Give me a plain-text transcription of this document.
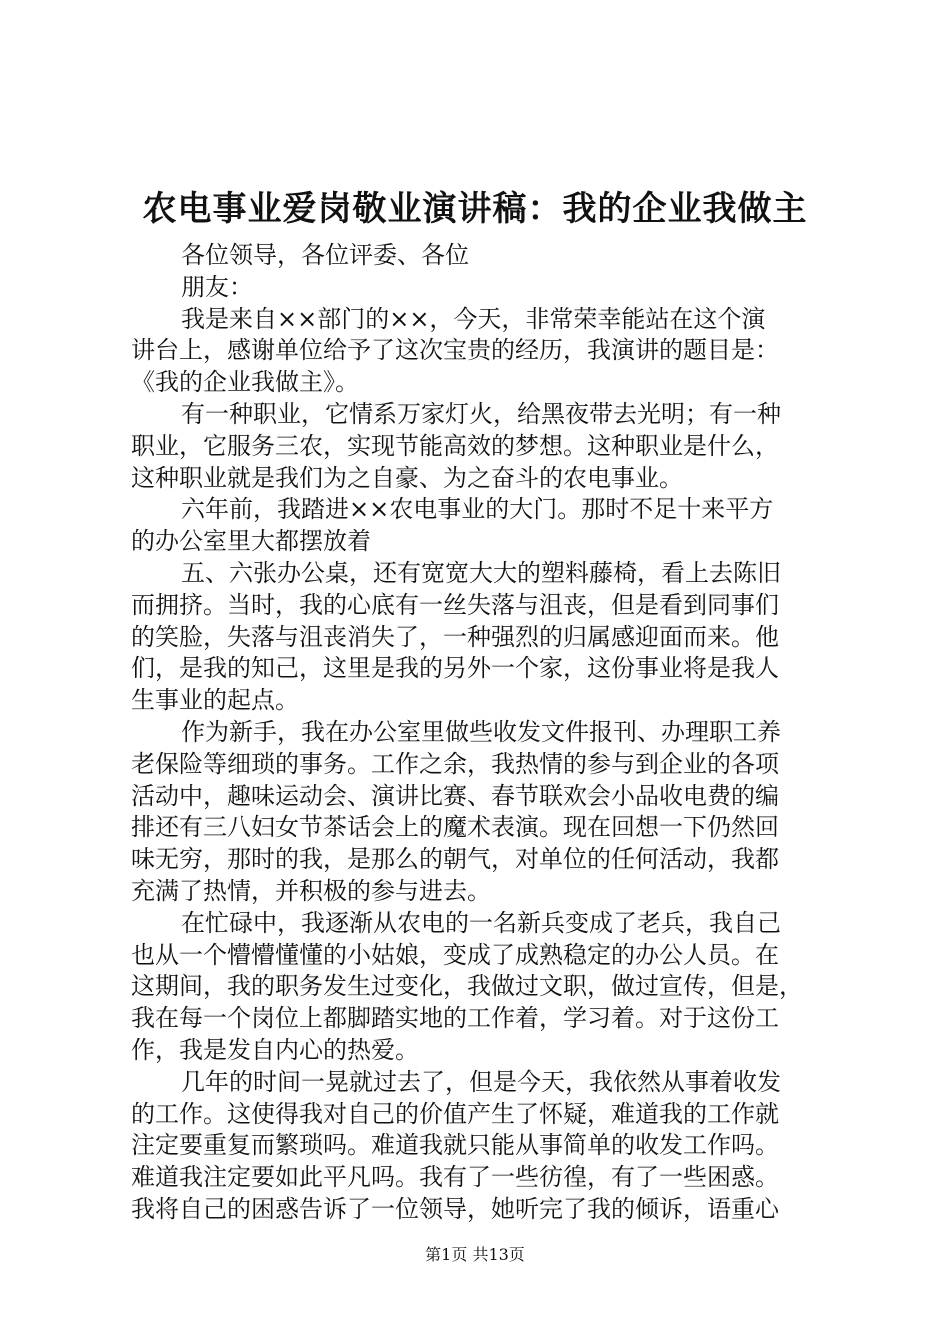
农电事业爱岗敬业演讲稿：我的企业我做主
各位领导，各位评委、各位
朋友：
我是来自××部门的××，今天，非常荣幸能站在这个演
讲台上，感谢单位给予了这次宝贵的经历，我演讲的题目是：
《我的企业我做主》。
有一种职业，它情系万家灯火，给黑夜带去光明；有一种
职业，它服务三农，实现节能高效的梦想。这种职业是什么，
这种职业就是我们为之自豪、为之奋斗的农电事业。
六年前，我踏进××农电事业的大门。那时不足十来平方
的办公室里大都摆放着
五、六张办公桌，还有宽宽大大的塑料藤椅，看上去陈旧
而拥挤。当时，我的心底有一丝失落与沮丧，但是看到同事们
的笑脸，失落与沮丧消失了，一种强烈的归属感迎面而来。他
们，是我的知己，这里是我的另外一个家，这份事业将是我人
生事业的起点。
作为新手，我在办公室里做些收发文件报刊、办理职工养
老保险等细琐的事务。工作之余，我热情的参与到企业的各项
活动中，趣味运动会、演讲比赛、春节联欢会小品收电费的编
排还有三八妇女节茶话会上的魔术表演。现在回想一下仍然回
味无穷，那时的我，是那么的朝气，对单位的任何活动，我都
充满了热情，并积极的参与进去。
在忙碌中，我逐渐从农电的一名新兵变成了老兵，我自己
也从一个懵懵懂懂的小姑娘，变成了成熟稳定的办公人员。在
这期间，我的职务发生过变化，我做过文职，做过宣传，但是，
我在每一个岗位上都脚踏实地的工作着，学习着。对于这份工
作，我是发自内心的热爱。
几年的时间一晃就过去了，但是今天，我依然从事着收发
的工作。这使得我对自己的价值产生了怀疑，难道我的工作就
注定要重复而繁琐吗。难道我就只能从事简单的收发工作吗。
难道我注定要如此平凡吗。我有了一些彷徨，有了一些困惑。
我将自己的困惑告诉了一位领导，她听完了我的倾诉，语重心
第1页 共13页
